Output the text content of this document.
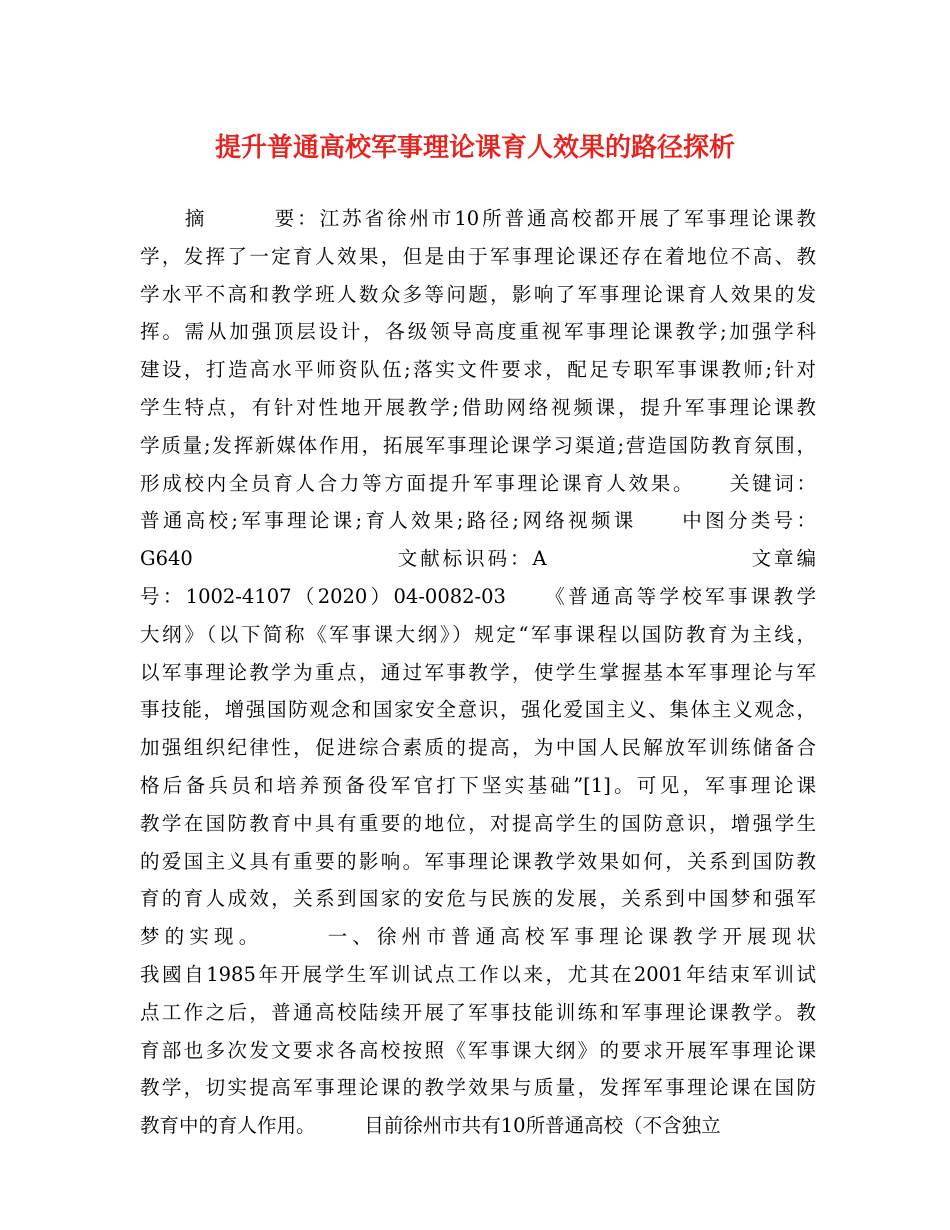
提升普通高校军事理论课育人效果的路径探析
　　摘　　　要：江苏省徐州市10所普通高校都开展了军事理论课教
学，发挥了一定育人效果，但是由于军事理论课还存在着地位不高、教
学水平不高和教学班人数众多等问题，影响了军事理论课育人效果的发
挥。需从加强顶层设计，各级领导高度重视军事理论课教学;加强学科
建设，打造高水平师资队伍;落实文件要求，配足专职军事课教师;针对
学生特点，有针对性地开展教学;借助网络视频课，提升军事理论课教
学质量;发挥新媒体作用，拓展军事理论课学习渠道;营造国防教育氛围，
形成校内全员育人合力等方面提升军事理论课育人效果。　　关键词：
普通高校;军事理论课;育人效果;路径;网络视频课　　中图分类号：
G640　　　　　　　　　文献标识码：A　　　　　　　　　文章编
号：1002-4107（2020）04-0082-03　　《普通高等学校军事课教学
大纲》（以下简称《军事课大纲》）规定“军事课程以国防教育为主线，
以军事理论教学为重点，通过军事教学，使学生掌握基本军事理论与军
事技能，增强国防观念和国家安全意识，强化爱国主义、集体主义观念，
加强组织纪律性，促进综合素质的提高，为中国人民解放军训练储备合
格后备兵员和培养预备役军官打下坚实基础”[1]。可见，军事理论课
教学在国防教育中具有重要的地位，对提高学生的国防意识，增强学生
的爱国主义具有重要的影响。军事理论课教学效果如何，关系到国防教
育的育人成效，关系到国家的安危与民族的发展，关系到中国梦和强军
梦的实现。　　　一、徐州市普通高校军事理论课教学开展现状
我國自1985年开展学生军训试点工作以来，尤其在2001年结束军训试
点工作之后，普通高校陆续开展了军事技能训练和军事理论课教学。教
育部也多次发文要求各高校按照《军事课大纲》的要求开展军事理论课
教学，切实提高军事理论课的教学效果与质量，发挥军事理论课在国防
教育中的育人作用。　　　目前徐州市共有10所普通高校（不含独立
